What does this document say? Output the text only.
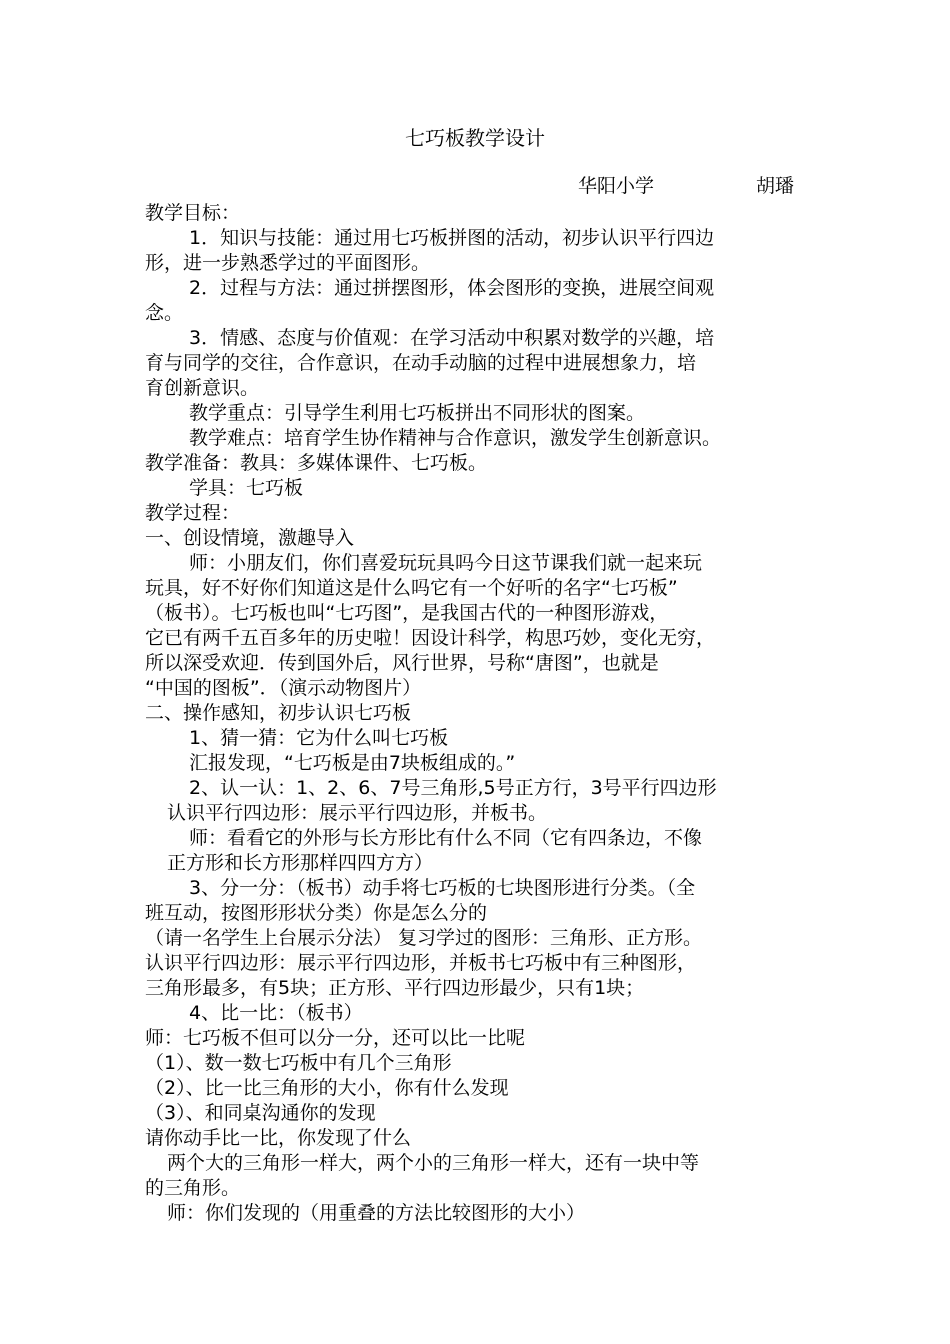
七巧板教学设计
华阳小学	胡璠
教学目标：
1．知识与技能：通过用七巧板拼图的活动，初步认识平行四边
形，进一步熟悉学过的平面图形。
2．过程与方法：通过拼摆图形，体会图形的变换，进展空间观
念。
3．情感、态度与价值观：在学习活动中积累对数学的兴趣，培
育与同学的交往，合作意识，在动手动脑的过程中进展想象力，培
育创新意识。
教学重点：引导学生利用七巧板拼出不同形状的图案。
教学难点：培育学生协作精神与合作意识，激发学生创新意识。
教学准备：教具：多媒体课件、七巧板。
学具：七巧板
教学过程：
一、创设情境，激趣导入
师：小朋友们，你们喜爱玩玩具吗今日这节课我们就一起来玩
玩具，好不好你们知道这是什么吗它有一个好听的名字“七巧板”
（板书）。七巧板也叫“七巧图”，是我国古代的一种图形游戏，
它已有两千五百多年的历史啦！因设计科学，构思巧妙，变化无穷，
所以深受欢迎．传到国外后，风行世界，号称“唐图”，也就是
“中国的图板”．（演示动物图片）
二、操作感知，初步认识七巧板
1、猜一猜：它为什么叫七巧板
汇报发现，“七巧板是由7块板组成的。”
2、认一认：1、2、6、7号三角形,5号正方行，3号平行四边形
认识平行四边形：展示平行四边形，并板书。
师：看看它的外形与长方形比有什么不同（它有四条边，不像
正方形和长方形那样四四方方）
3、分一分：（板书）动手将七巧板的七块图形进行分类。（全
班互动，按图形形状分类）你是怎么分的
（请一名学生上台展示分法） 复习学过的图形：三角形、正方形。
认识平行四边形：展示平行四边形，并板书七巧板中有三种图形，
三角形最多，有5块；正方形、平行四边形最少，只有1块；
4、比一比：（板书）
师：七巧板不但可以分一分，还可以比一比呢
（1）、数一数七巧板中有几个三角形
（2）、比一比三角形的大小，你有什么发现
（3）、和同桌沟通你的发现
请你动手比一比，你发现了什么
两个大的三角形一样大，两个小的三角形一样大，还有一块中等
的三角形。
师：你们发现的（用重叠的方法比较图形的大小）
